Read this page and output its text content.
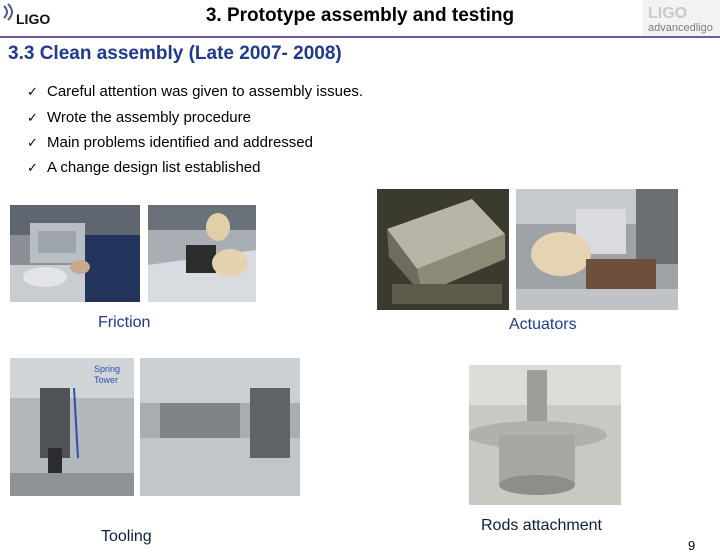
LIGO	3. Prototype assembly and testing	LIGO
advancedligo
3.3 Clean assembly (Late 2007- 2008)
✓ Careful attention was given to assembly issues.
✓ Wrote the assembly procedure
✓ Main problems identified and addressed
✓ A change design list established
Friction	Actuators
Spring
Tower
Tooling
Rods attachment
9
